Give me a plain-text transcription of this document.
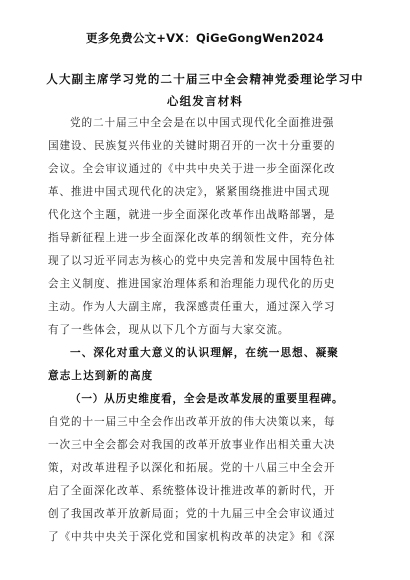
更多免费公文+VX：QiGeGongWen2024
人大副主席学习党的二十届三中全会精神党委理论学习中
心组发言材料
党的二十届三中全会是在以中国式现代化全面推进强
国建设、民族复兴伟业的关键时期召开的一次十分重要的
会议。全会审议通过的《中共中央关于进一步全面深化改
革、推进中国式现代化的决定》，紧紧围绕推进中国式现
代化这个主题，就进一步全面深化改革作出战略部署，是
指导新征程上进一步全面深化改革的纲领性文件，充分体
现了以习近平同志为核心的党中央完善和发展中国特色社
会主义制度、推进国家治理体系和治理能力现代化的历史
主动。作为人大副主席，我深感责任重大，通过深入学习
有了一些体会，现从以下几个方面与大家交流。
一、深化对重大意义的认识理解，在统一思想、凝聚
意志上达到新的高度
（一）从历史维度看，全会是改革发展的重要里程碑。
自党的十一届三中全会作出改革开放的伟大决策以来，每
一次三中全会都会对我国的改革开放事业作出相关重大决
策，对改革进程予以深化和拓展。党的十八届三中全会开
启了全面深化改革、系统整体设计推进改革的新时代，开
创了我国改革开放新局面；党的十九届三中全会审议通过
了《中共中央关于深化党和国家机构改革的决定》和《深
